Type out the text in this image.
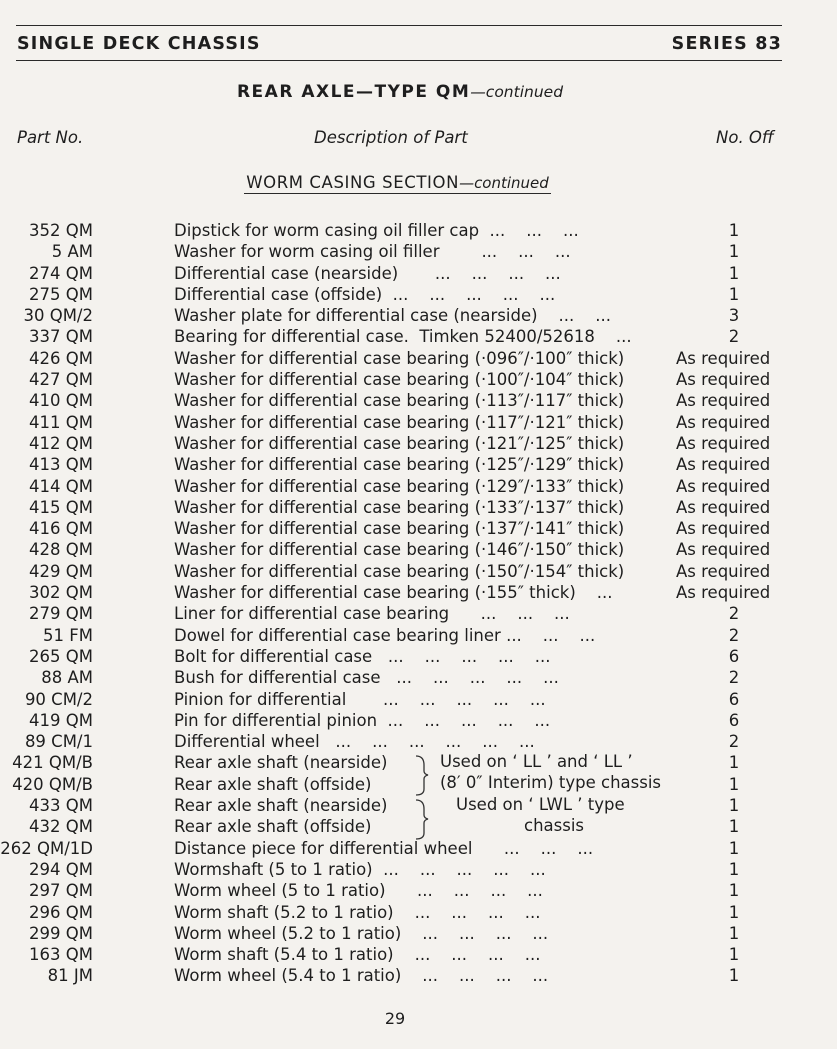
SINGLE DECK CHASSIS	SERIES 83
REAR AXLE—TYPE QM—continued
Part No.	Description of Part	No. Off
WORM CASING SECTION—continued
352 QM	Dipstick for worm casing oil filler cap  ...    ...    ...	1
5 AM	Washer for worm casing oil filler        ...    ...    ...	1
274 QM	Differential case (nearside)       ...    ...    ...    ...	1
275 QM	Differential case (offside)  ...    ...    ...    ...    ...	1
30 QM/2	Washer plate for differential case (nearside)    ...    ...	3
337 QM	Bearing for differential case.  Timken 52400/52618    ...	2
426 QM	Washer for differential case bearing (·096″/·100″ thick)	As required
427 QM	Washer for differential case bearing (·100″/·104″ thick)	As required
410 QM	Washer for differential case bearing (·113″/·117″ thick)	As required
411 QM	Washer for differential case bearing (·117″/·121″ thick)	As required
412 QM	Washer for differential case bearing (·121″/·125″ thick)	As required
413 QM	Washer for differential case bearing (·125″/·129″ thick)	As required
414 QM	Washer for differential case bearing (·129″/·133″ thick)	As required
415 QM	Washer for differential case bearing (·133″/·137″ thick)	As required
416 QM	Washer for differential case bearing (·137″/·141″ thick)	As required
428 QM	Washer for differential case bearing (·146″/·150″ thick)	As required
429 QM	Washer for differential case bearing (·150″/·154″ thick)	As required
302 QM	Washer for differential case bearing (·155″ thick)    ...	As required
279 QM	Liner for differential case bearing      ...    ...    ...	2
51 FM	Dowel for differential case bearing liner ...    ...    ...	2
265 QM	Bolt for differential case   ...    ...    ...    ...    ...	6
88 AM	Bush for differential case   ...    ...    ...    ...    ...	2
90 CM/2	Pinion for differential       ...    ...    ...    ...    ...	6
419 QM	Pin for differential pinion  ...    ...    ...    ...    ...	6
89 CM/1	Differential wheel   ...    ...    ...    ...    ...    ...	2
421 QM/B	Rear axle shaft (nearside)	1
420 QM/B	Rear axle shaft (offside)	1
433 QM	Rear axle shaft (nearside)	1
432 QM	Rear axle shaft (offside)	1
262 QM/1D	Distance piece for differential wheel      ...    ...    ...	1
294 QM	Wormshaft (5 to 1 ratio)  ...    ...    ...    ...    ...	1
297 QM	Worm wheel (5 to 1 ratio)      ...    ...    ...    ...	1
296 QM	Worm shaft (5.2 to 1 ratio)    ...    ...    ...    ...	1
299 QM	Worm wheel (5.2 to 1 ratio)    ...    ...    ...    ...	1
163 QM	Worm shaft (5.4 to 1 ratio)    ...    ...    ...    ...	1
81 JM	Worm wheel (5.4 to 1 ratio)    ...    ...    ...    ...	1
Used on ‘ LL ’ and ‘ LL ’
(8′ 0″ Interim) type chassis
Used on ‘ LWL ’ type
chassis
29
